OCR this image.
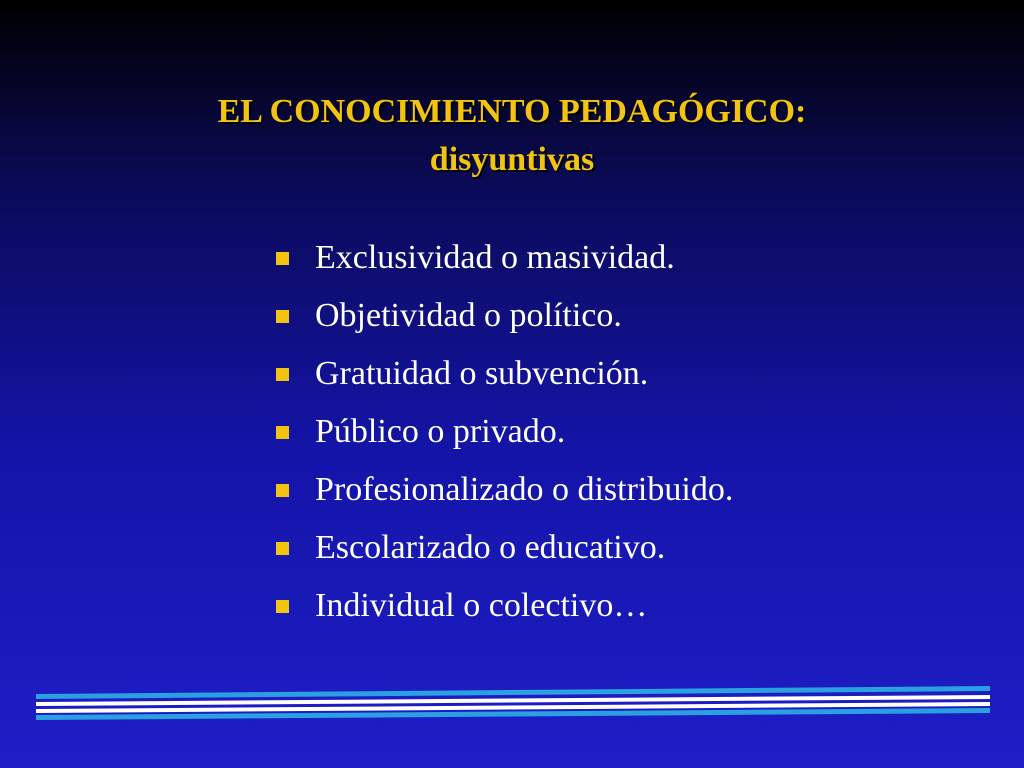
EL CONOCIMIENTO PEDAGÓGICO:
disyuntivas
Exclusividad o masividad.
Objetividad o político.
Gratuidad o subvención.
Público o privado.
Profesionalizado o distribuido.
Escolarizado o educativo.
Individual o colectivo…
